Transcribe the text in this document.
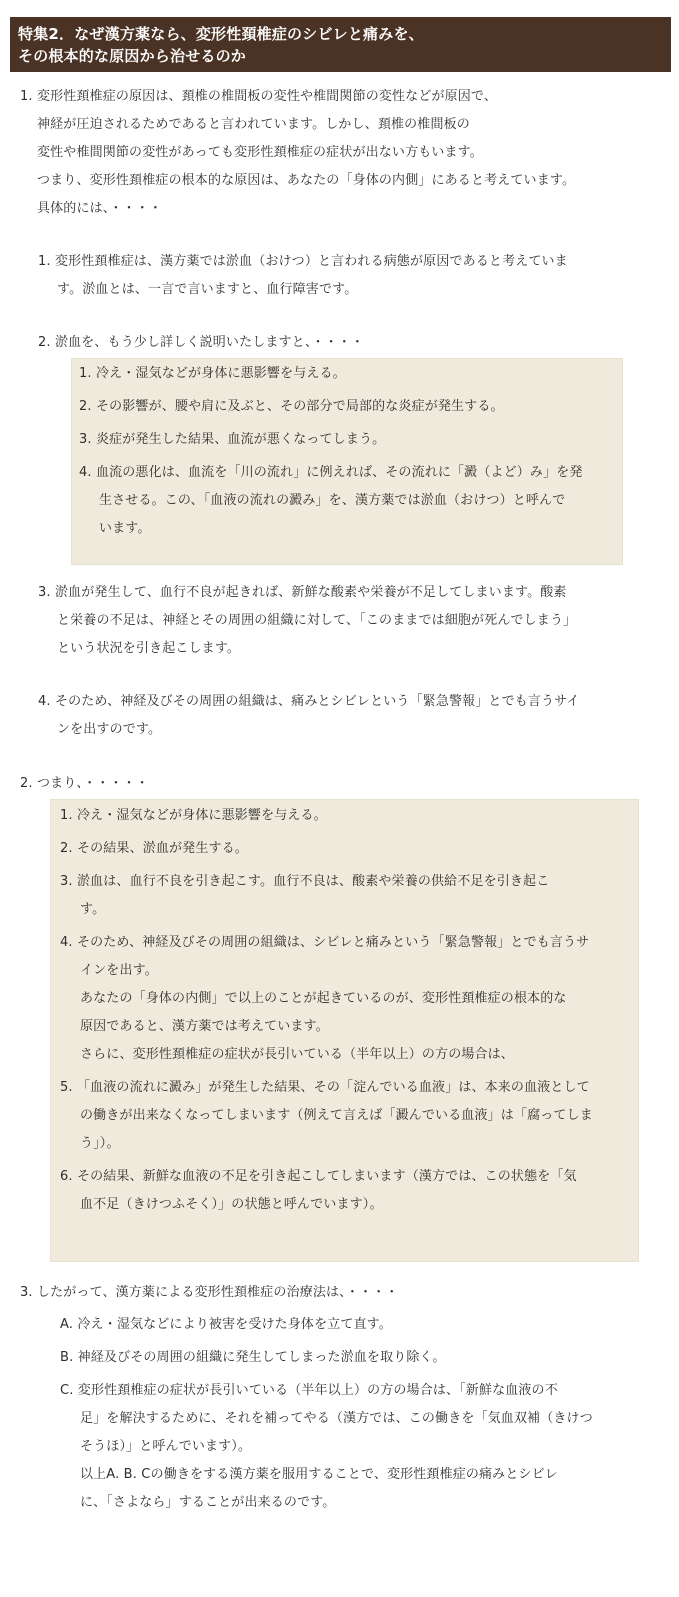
特集2．なぜ漢方薬なら、変形性頚椎症のシビレと痛みを、
その根本的な原因から治せるのか
1. 変形性頚椎症の原因は、頚椎の椎間板の変性や椎間関節の変性などが原因で、
神経が圧迫されるためであると言われています。しかし、頚椎の椎間板の
変性や椎間関節の変性があっても変形性頚椎症の症状が出ない方もいます。
つまり、変形性頚椎症の根本的な原因は、あなたの「身体の内側」にあると考えています。
具体的には、・・・・
1. 変形性頚椎症は、漢方薬では淤血（おけつ）と言われる病態が原因であると考えていま
す。淤血とは、一言で言いますと、血行障害です。
2. 淤血を、もう少し詳しく説明いたしますと、・・・・
1. 冷え・湿気などが身体に悪影響を与える。
2. その影響が、腰や肩に及ぶと、その部分で局部的な炎症が発生する。
3. 炎症が発生した結果、血流が悪くなってしまう。
4. 血流の悪化は、血流を「川の流れ」に例えれば、その流れに「澱（よど）み」を発
生させる。この、「血液の流れの澱み」を、漢方薬では淤血（おけつ）と呼んで
います。
3. 淤血が発生して、血行不良が起きれば、新鮮な酸素や栄養が不足してしまいます。酸素
と栄養の不足は、神経とその周囲の組織に対して、「このままでは細胞が死んでしまう」
という状況を引き起こします。
4. そのため、神経及びその周囲の組織は、痛みとシビレという「緊急警報」とでも言うサイ
ンを出すのです。
2. つまり、・・・・・
1. 冷え・湿気などが身体に悪影響を与える。
2. その結果、淤血が発生する。
3. 淤血は、血行不良を引き起こす。血行不良は、酸素や栄養の供給不足を引き起こ
す。
4. そのため、神経及びその周囲の組織は、シビレと痛みという「緊急警報」とでも言うサ
インを出す。
あなたの「身体の内側」で以上のことが起きているのが、変形性頚椎症の根本的な
原因であると、漢方薬では考えています。
さらに、変形性頚椎症の症状が長引いている（半年以上）の方の場合は、
5. 「血液の流れに澱み」が発生した結果、その「淀んでいる血液」は、本来の血液として
の働きが出来なくなってしまいます（例えて言えば「澱んでいる血液」は「腐ってしま
う」）。
6. その結果、新鮮な血液の不足を引き起こしてしまいます（漢方では、この状態を「気
血不足（きけつふそく）」の状態と呼んでいます）。
3. したがって、漢方薬による変形性頚椎症の治療法は、・・・・
A. 冷え・湿気などにより被害を受けた身体を立て直す。
B. 神経及びその周囲の組織に発生してしまった淤血を取り除く。
C. 変形性頚椎症の症状が長引いている（半年以上）の方の場合は、「新鮮な血液の不
足」を解決するために、それを補ってやる（漢方では、この働きを「気血双補（きけつ
そうほ）」と呼んでいます）。
以上A. B. Cの働きをする漢方薬を服用することで、変形性頚椎症の痛みとシビレ
に、「さよなら」することが出来るのです。
